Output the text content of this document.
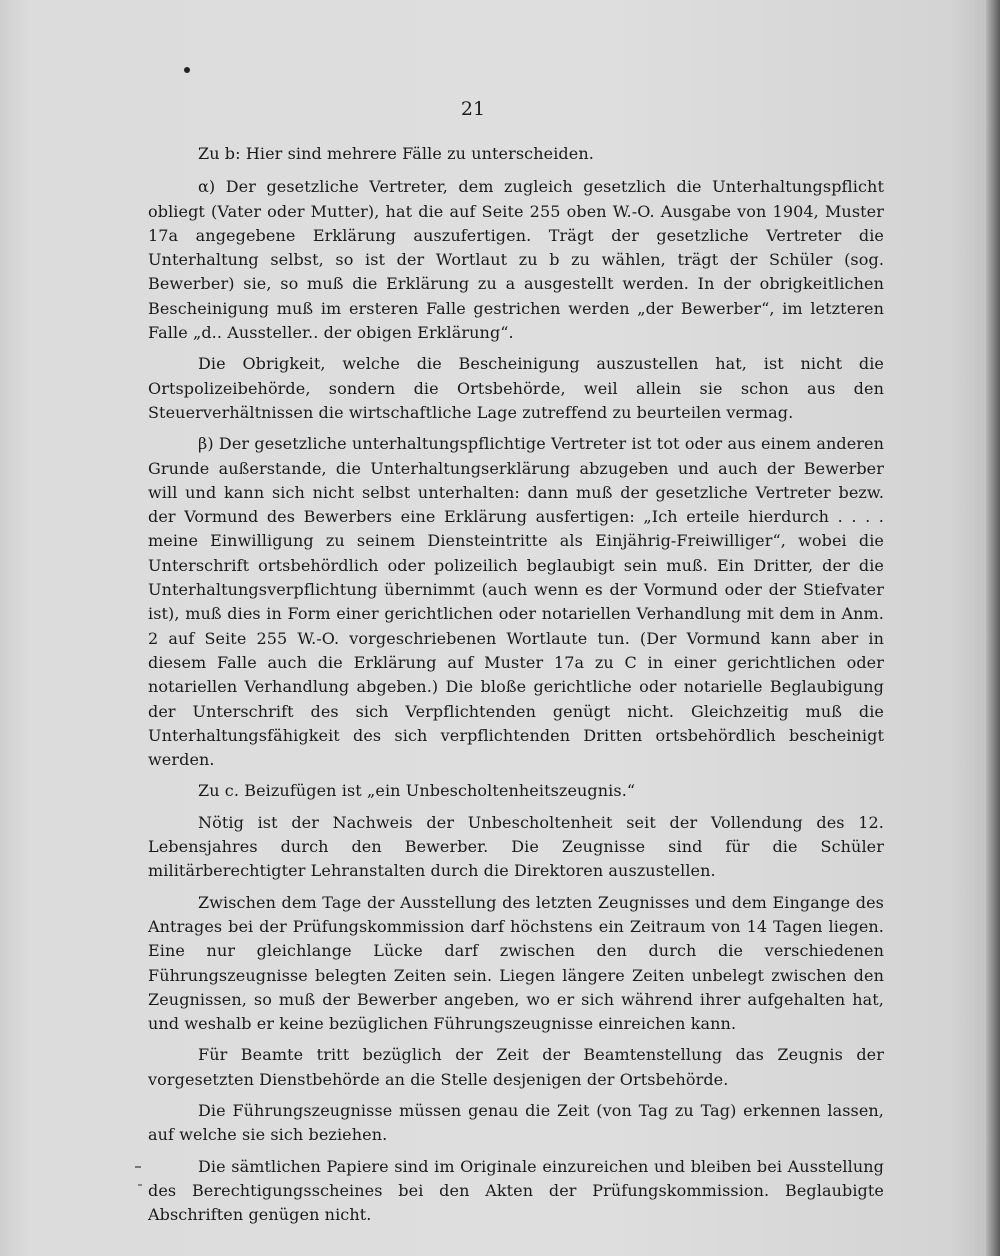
21

Zu b: Hier sind mehrere Fälle zu unterscheiden.

α) Der gesetzliche Vertreter, dem zugleich gesetzlich die Unterhaltungspflicht obliegt (Vater oder Mutter), hat die auf Seite 255 oben W.-O. Ausgabe von 1904, Muster 17a angegebene Erklärung auszufertigen. Trägt der gesetzliche Vertreter die Unterhaltung selbst, so ist der Wortlaut zu b zu wählen, trägt der Schüler (sog. Bewerber) sie, so muß die Erklärung zu a ausgestellt werden. In der obrigkeitlichen Bescheinigung muß im ersteren Falle gestrichen werden „der Bewerber“, im letzteren Falle „d.. Aussteller.. der obigen Erklärung“.

Die Obrigkeit, welche die Bescheinigung auszustellen hat, ist nicht die Ortspolizeibehörde, sondern die Ortsbehörde, weil allein sie schon aus den Steuerverhältnissen die wirtschaftliche Lage zutreffend zu beurteilen vermag.

β) Der gesetzliche unterhaltungspflichtige Vertreter ist tot oder aus einem anderen Grunde außerstande, die Unterhaltungserklärung abzugeben und auch der Bewerber will und kann sich nicht selbst unterhalten: dann muß der gesetzliche Vertreter bezw. der Vormund des Bewerbers eine Erklärung ausfertigen: „Ich erteile hierdurch . . . . meine Einwilligung zu seinem Diensteintritte als Einjährig-Freiwilliger“, wobei die Unterschrift ortsbehördlich oder polizeilich beglaubigt sein muß. Ein Dritter, der die Unterhaltungsverpflichtung übernimmt (auch wenn es der Vormund oder der Stiefvater ist), muß dies in Form einer gerichtlichen oder notariellen Verhandlung mit dem in Anm. 2 auf Seite 255 W.-O. vorgeschriebenen Wortlaute tun. (Der Vormund kann aber in diesem Falle auch die Erklärung auf Muster 17a zu C in einer gerichtlichen oder notariellen Verhandlung abgeben.) Die bloße gerichtliche oder notarielle Beglaubigung der Unterschrift des sich Verpflichtenden genügt nicht. Gleichzeitig muß die Unterhaltungsfähigkeit des sich verpflichtenden Dritten ortsbehördlich bescheinigt werden.

Zu c. Beizufügen ist „ein Unbescholtenheitszeugnis.“

Nötig ist der Nachweis der Unbescholtenheit seit der Vollendung des 12. Lebensjahres durch den Bewerber. Die Zeugnisse sind für die Schüler militärberechtigter Lehranstalten durch die Direktoren auszustellen.

Zwischen dem Tage der Ausstellung des letzten Zeugnisses und dem Eingange des Antrages bei der Prüfungskommission darf höchstens ein Zeitraum von 14 Tagen liegen. Eine nur gleichlange Lücke darf zwischen den durch die verschiedenen Führungszeugnisse belegten Zeiten sein. Liegen längere Zeiten unbelegt zwischen den Zeugnissen, so muß der Bewerber angeben, wo er sich während ihrer aufgehalten hat, und weshalb er keine bezüglichen Führungszeugnisse einreichen kann.

Für Beamte tritt bezüglich der Zeit der Beamtenstellung das Zeugnis der vorgesetzten Dienstbehörde an die Stelle desjenigen der Ortsbehörde.

Die Führungszeugnisse müssen genau die Zeit (von Tag zu Tag) erkennen lassen, auf welche sie sich beziehen.

Die sämtlichen Papiere sind im Originale einzureichen und bleiben bei Ausstellung des Berechtigungsscheines bei den Akten der Prüfungskommission. Beglaubigte Abschriften genügen nicht.
